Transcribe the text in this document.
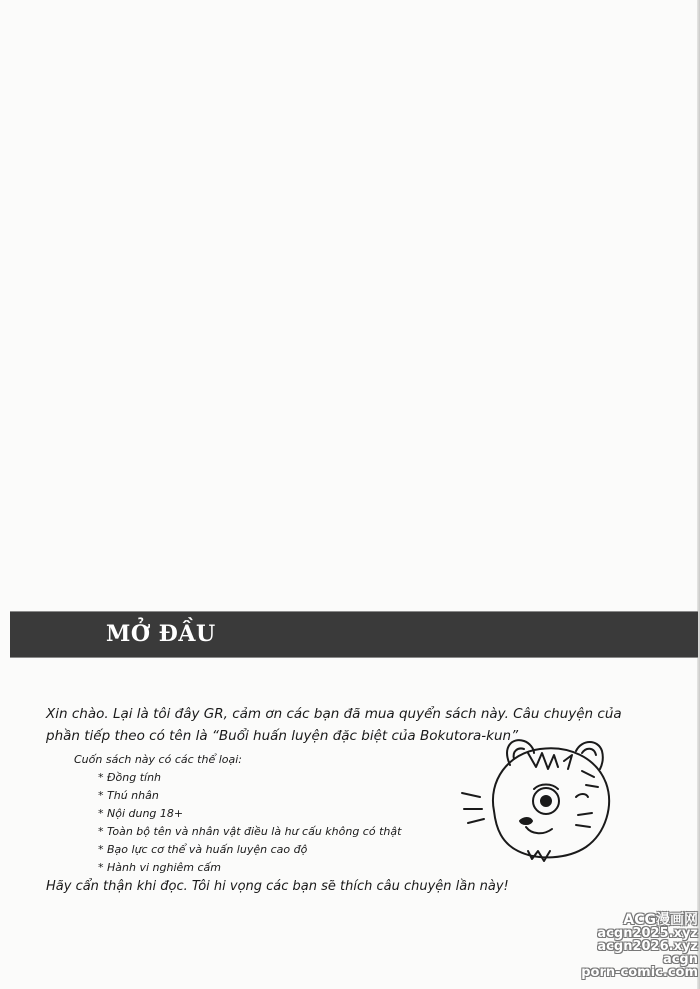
MỞ ĐẦU
Xin chào. Lại là tôi đây GR, cảm ơn các bạn đã mua quyển sách này. Câu chuyện của
phần tiếp theo có tên là “Buổi huấn luyện đặc biệt của Bokutora-kun”
Cuốn sách này có các thể loại:
* Đồng tính
* Thú nhân
* Nội dung 18+
* Toàn bộ tên và nhân vật điều là hư cấu không có thật
* Bạo lực cơ thể và huấn luyện cao độ
* Hành vi nghiêm cấm
Hãy cẩn thận khi đọc. Tôi hi vọng các bạn sẽ thích câu chuyện lần này!
ACG漫画网
acgn2025.xyz
acgn2026.xyz
acgn
porn-comic.com
